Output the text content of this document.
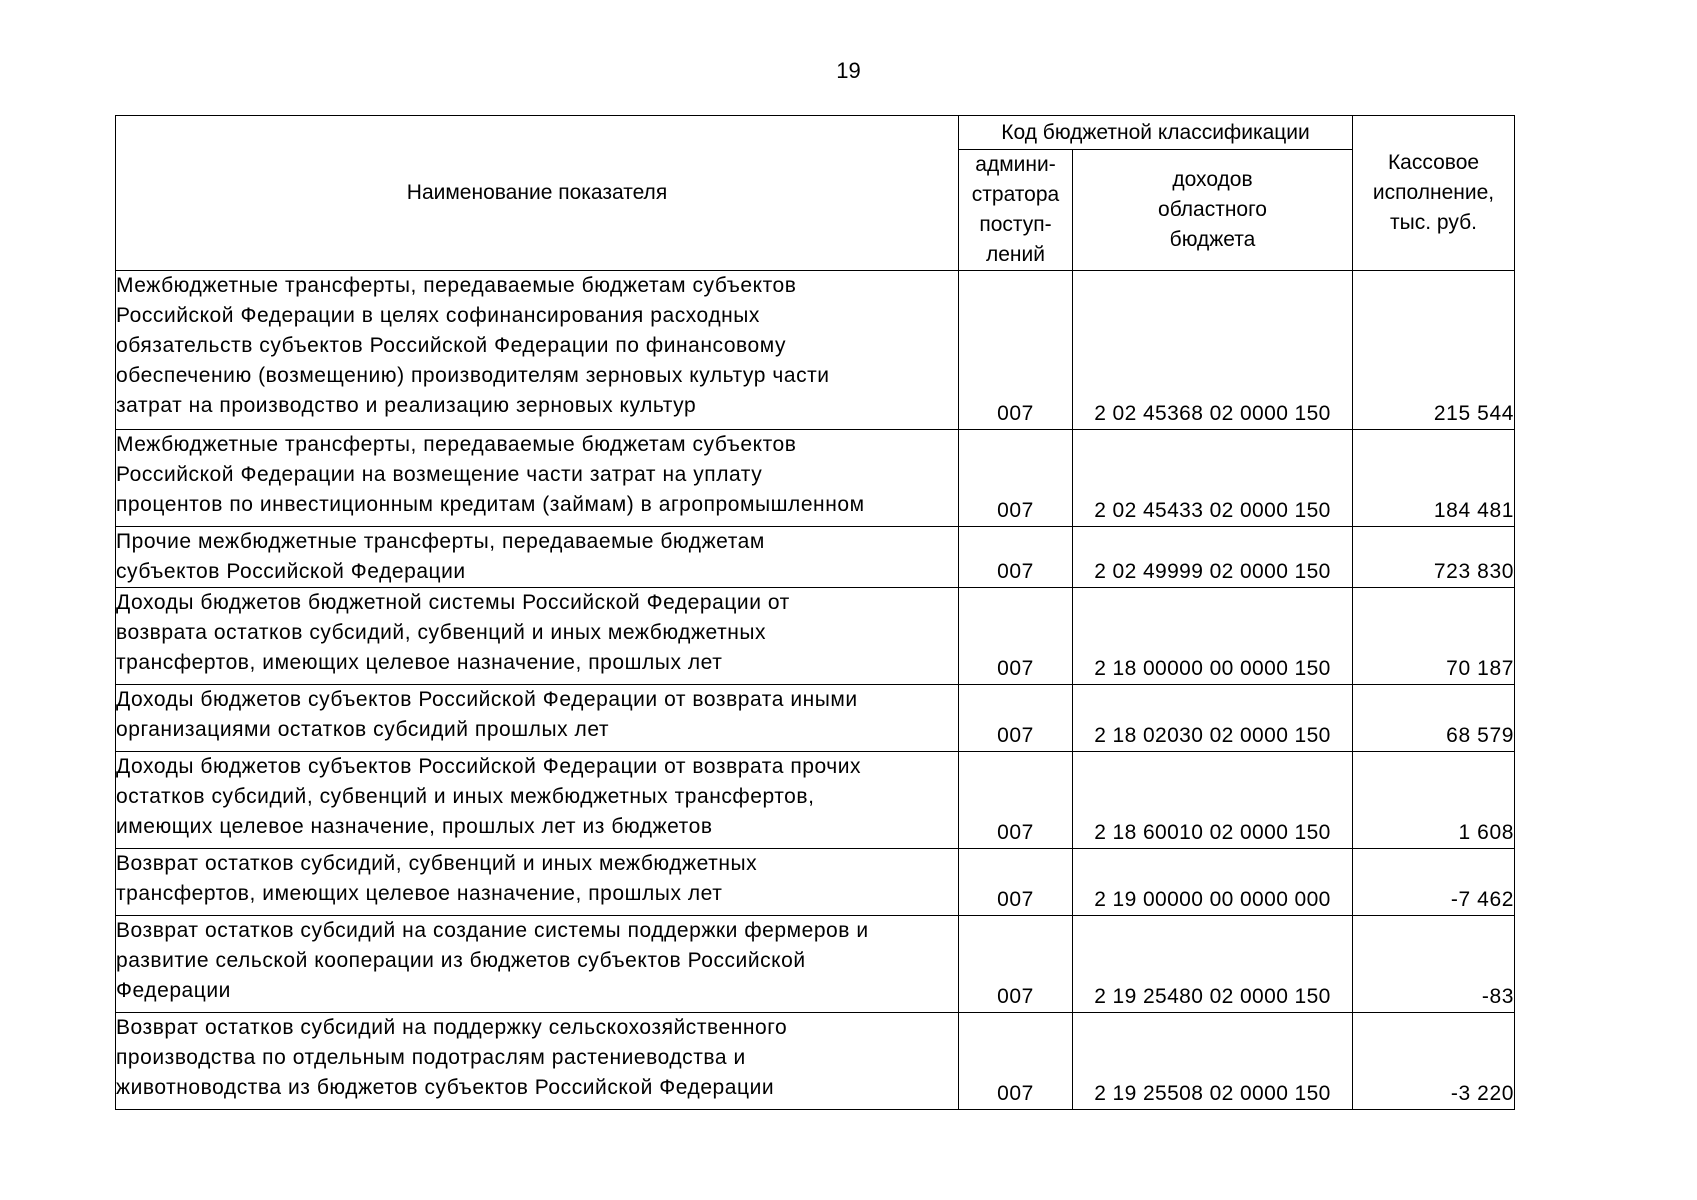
19
Наименование показателя	Код бюджетной классификации		Кассовое
исполнение,
тыс. руб.

	админи-
стратора
поступ-
лений	доходов
областного
бюджета	

Межбюджетные трансферты, передаваемые бюджетам субъектов
Российской Федерации в целях софинансирования расходных
обязательств субъектов Российской Федерации по финансовому
обеспечению (возмещению) производителям зерновых культур части
затрат на производство и реализацию зерновых культур	007	2 02 45368 02 0000 150	215 544

Межбюджетные трансферты, передаваемые бюджетам субъектов
Российской Федерации на возмещение части затрат на уплату
процентов по инвестиционным кредитам (займам) в агропромышленном	007	2 02 45433 02 0000 150	184 481

Прочие межбюджетные трансферты, передаваемые бюджетам
субъектов Российской Федерации	007	2 02 49999 02 0000 150	723 830

Доходы бюджетов бюджетной системы Российской Федерации от
возврата остатков субсидий, субвенций и иных межбюджетных
трансфертов, имеющих целевое назначение, прошлых лет	007	2 18 00000 00 0000 150	70 187

Доходы бюджетов субъектов Российской Федерации от возврата иными
организациями остатков субсидий прошлых лет	007	2 18 02030 02 0000 150	68 579

Доходы бюджетов субъектов Российской Федерации от возврата прочих
остатков субсидий, субвенций и иных межбюджетных трансфертов,
имеющих целевое назначение, прошлых лет из бюджетов	007	2 18 60010 02 0000 150	1 608

Возврат остатков субсидий, субвенций и иных межбюджетных
трансфертов, имеющих целевое назначение, прошлых лет	007	2 19 00000 00 0000 000	-7 462

Возврат остатков субсидий на создание системы поддержки фермеров и
развитие сельской кооперации из бюджетов субъектов Российской
Федерации	007	2 19 25480 02 0000 150	-83

Возврат остатков субсидий на поддержку сельскохозяйственного
производства по отдельным подотраслям растениеводства и
животноводства из бюджетов субъектов Российской Федерации	007	2 19 25508 02 0000 150	-3 220
